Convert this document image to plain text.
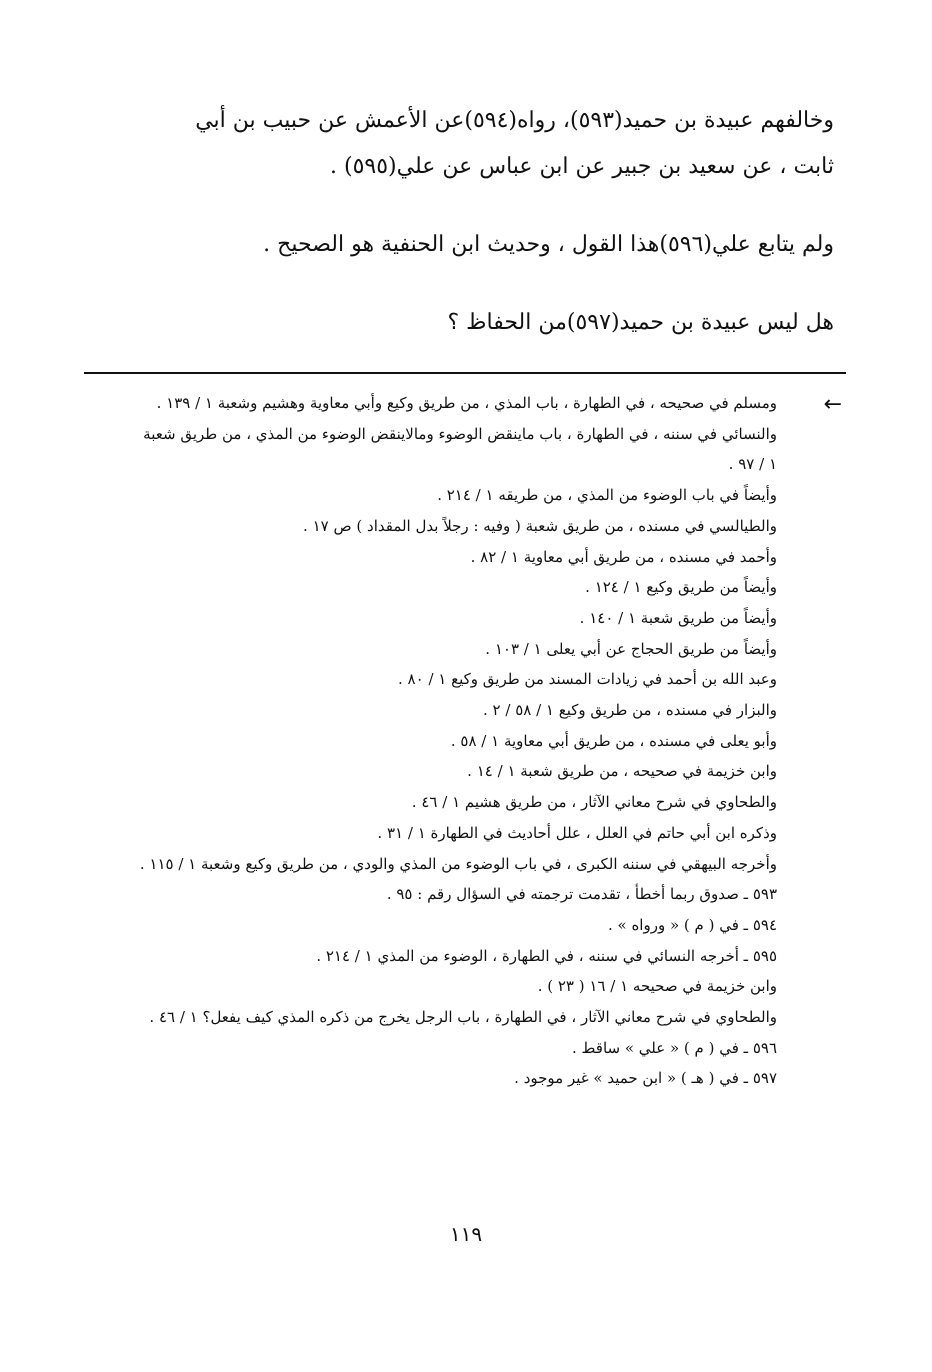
وخالفهم عبيدة بن حميد(٥٩٣)، رواه(٥٩٤)عن الأعمش عن حبيب بن أبي

ثابت ، عن سعيد بن جبير عن ابن عباس عن علي(٥٩٥) .

ولم يتابع علي(٥٩٦)هذا القول ، وحديث ابن الحنفية هو الصحيح .

هل ليس عبيدة بن حميد(٥٩٧)من الحفاظ ؟

←

ومسلم في صحيحه ، في الطهارة ، باب المذي ، من طريق وكيع وأبي معاوية وهشيم وشعبة ١ / ١٣٩ .

والنسائي في سننه ، في الطهارة ، باب ماينقض الوضوء ومالاينقض الوضوء من المذي ، من طريق شعبة

١ / ٩٧ .

وأيضاً في باب الوضوء من المذي ، من طريقه ١ / ٢١٤ .

والطيالسي في مسنده ، من طريق شعبة ( وفيه : رجلاً بدل المقداد ) ص ١٧ .

وأحمد في مسنده ، من طريق أبي معاوية ١ / ٨٢ .

وأيضاً من طريق وكيع ١ / ١٢٤ .

وأيضاً من طريق شعبة ١ / ١٤٠ .

وأيضاً من طريق الحجاج عن أبي يعلى ١ / ١٠٣ .

وعبد الله بن أحمد في زيادات المسند من طريق وكيع ١ / ٨٠ .

والبزار في مسنده ، من طريق وكيع ١ / ٥٨ / ٢ .

وأبو يعلى في مسنده ، من طريق أبي معاوية ١ / ٥٨ .

وابن خزيمة في صحيحه ، من طريق شعبة ١ / ١٤ .

والطحاوي في شرح معاني الآثار ، من طريق هشيم ١ / ٤٦ .

وذكره ابن أبي حاتم في العلل ، علل أحاديث في الطهارة ١ / ٣١ .

وأخرجه البيهقي في سننه الكبرى ، في باب الوضوء من المذي والودي ، من طريق وكيع وشعبة ١ / ١١٥ .

٥٩٣ ـ صدوق ربما أخطأ ، تقدمت ترجمته في السؤال رقم : ٩٥ .

٥٩٤ ـ في ( م ) « ورواه » .

٥٩٥ ـ أخرجه النسائي في سننه ، في الطهارة ، الوضوء من المذي ١ / ٢١٤ .

وابن خزيمة في صحيحه ١ / ١٦ ( ٢٣ ) .

والطحاوي في شرح معاني الآثار ، في الطهارة ، باب الرجل يخرج من ذكره المذي كيف يفعل؟ ١ / ٤٦ .

٥٩٦ ـ في ( م ) « علي » ساقط .

٥٩٧ ـ في ( هـ ) « ابن حميد » غير موجود .

١١٩
